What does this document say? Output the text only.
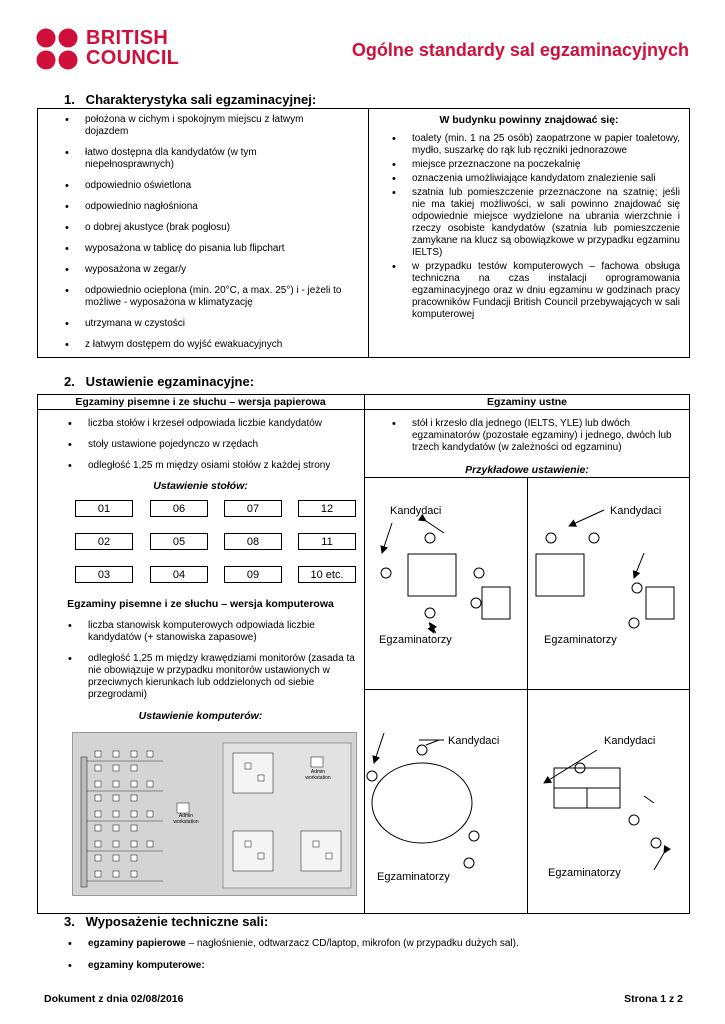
BRITISH
COUNCIL	Ogólne standardy sal egzaminacyjnych
1.   Charakterystyka sali egzaminacyjnej:
• położona w cichym i spokojnym miejscu z łatwym dojazdem
• łatwo dostępna dla kandydatów (w tym niepełnosprawnych)
• odpowiednio oświetlona
• odpowiednio nagłośniona
• o dobrej akustyce (brak pogłosu)
• wyposażona w tablicę do pisania lub flipchart
• wyposażona w zegar/y
• odpowiednio ocieplona (min. 20°C, a max. 25°) i - jeżeli to możliwe - wyposażona w klimatyzację
• utrzymana w czystości
• z łatwym dostępem do wyjść ewakuacyjnych
W budynku powinny znajdować się:
• toalety (min. 1 na 25 osób) zaopatrzone w papier toaletowy, mydło, suszarkę do rąk lub ręczniki jednorazowe
• miejsce przeznaczone na poczekalnię
• oznaczenia umożliwiające kandydatom znalezienie sali
• szatnia lub pomieszczenie przeznaczone na szatnię; jeśli nie ma takiej możliwości, w sali powinno znajdować się odpowiednie miejsce wydzielone na ubrania wierzchnie i rzeczy osobiste kandydatów (szatnia lub pomieszczenie zamykane na klucz są obowiązkowe w przypadku egzaminu IELTS)
• w przypadku testów komputerowych – fachowa obsługa techniczna na czas instalacji oprogramowania egzaminacyjnego oraz w dniu egzaminu w godzinach pracy pracowników Fundacji British Council przebywających w sali komputerowej
2.   Ustawienie egzaminacyjne:
Egzaminy pisemne i ze słuchu – wersja papierowa
• liczba stołów i krzeseł odpowiada liczbie kandydatów
• stoły ustawione pojedynczo w rzędach
• odległość 1,25 m między osiami stołów z każdej strony
Ustawienie stołów:
01	06	07	12
02	05	08	11
03	04	09	10 etc.
Egzaminy pisemne i ze słuchu – wersja komputerowa
• liczba stanowisk komputerowych odpowiada liczbie kandydatów (+ stanowiska zapasowe)
• odległość 1,25 m między krawędziami monitorów (zasada ta nie obowiązuje w przypadku monitorów ustawionych w przeciwnych kierunkach lub oddzielonych od siebie przegrodami)
Ustawienie komputerów:
Admin workstation
Admin workstation
Egzaminy ustne
• stół i krzesło dla jednego (IELTS, YLE) lub dwóch egzaminatorów (pozostałe egzaminy) i jednego, dwóch lub trzech kandydatów (w zależności od egzaminu)
Przykładowe ustawienie:
Kandydaci	Kandydaci
Egzaminatorzy	Egzaminatorzy
Kandydaci	Kandydaci
Egzaminatorzy	Egzaminatorzy
3.   Wyposażenie techniczne sali:
• egzaminy papierowe – nagłośnienie, odtwarzacz CD/laptop, mikrofon (w przypadku dużych sal).
• egzaminy komputerowe:
Dokument z dnia 02/08/2016	Strona 1 z 2
